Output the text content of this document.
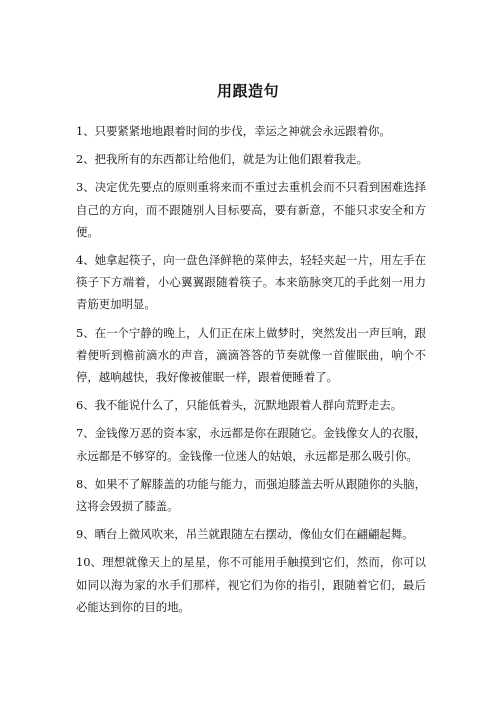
用跟造句

1、只要紧紧地地跟着时间的步伐，幸运之神就会永远跟着你。

2、把我所有的东西都让给他们，就是为让他们跟着我走。

3、决定优先要点的原则重将来而不重过去重机会而不只看到困难选择自己的方向，而不跟随别人目标要高，要有新意，不能只求安全和方便。

4、她拿起筷子，向一盘色泽鲜艳的菜伸去，轻轻夹起一片，用左手在筷子下方端着，小心翼翼跟随着筷子。本来筋脉突兀的手此刻一用力青筋更加明显。

5、在一个宁静的晚上，人们正在床上做梦时，突然发出一声巨响，跟着便听到檐前滴水的声音，滴滴答答的节奏就像一首催眠曲，响个不停，越响越快，我好像被催眠一样，跟着便睡着了。

6、我不能说什么了，只能低着头，沉默地跟着人群向荒野走去。

7、金钱像万恶的资本家，永远都是你在跟随它。金钱像女人的衣服，永远都是不够穿的。金钱像一位迷人的姑娘，永远都是那么吸引你。

8、如果不了解膝盖的功能与能力，而强迫膝盖去听从跟随你的头脑，这将会毁损了膝盖。

9、晒台上微风吹来，吊兰就跟随左右摆动，像仙女们在翩翩起舞。

10、理想就像天上的星星，你不可能用手触摸到它们，然而，你可以如同以海为家的水手们那样，视它们为你的指引，跟随着它们，最后必能达到你的目的地。
